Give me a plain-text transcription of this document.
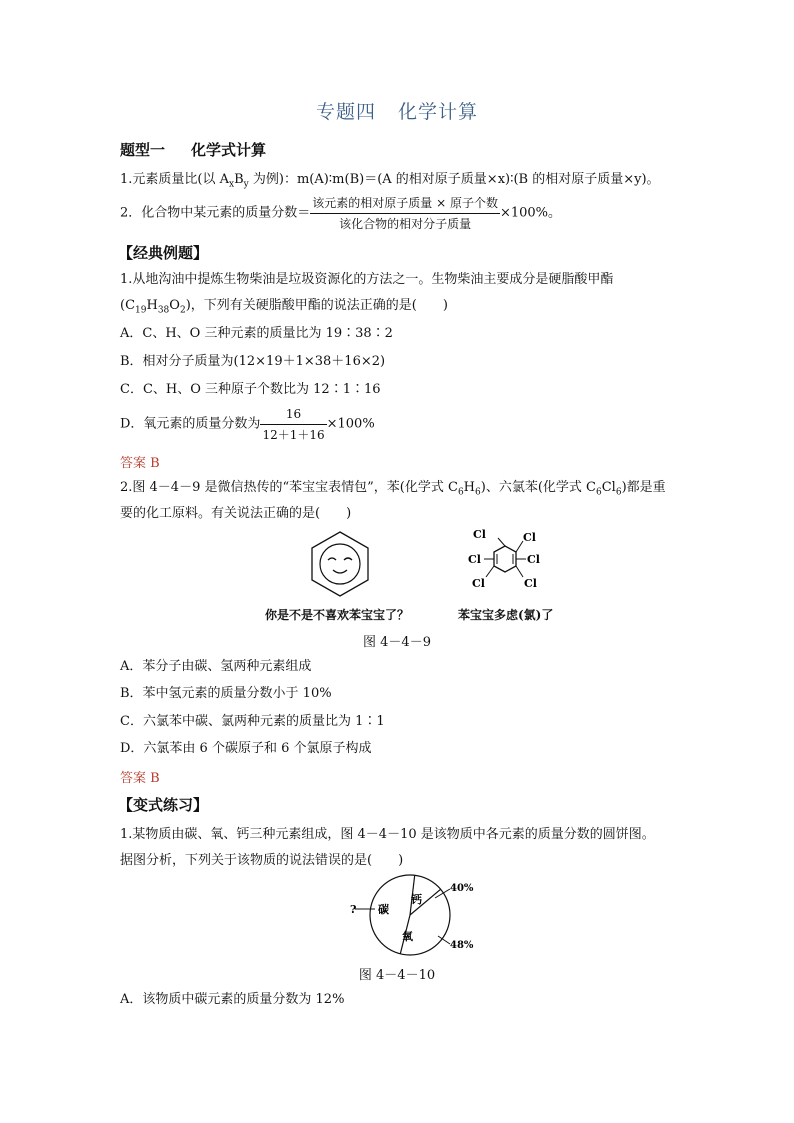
专题四 化学计算
题型一 化学式计算
1.元素质量比(以 $A_xB_y$ 为例)：m(A)∶m(B)＝(A 的相对原子质量×x)∶(B 的相对原子质量×y)。
2．化合物中某元素的质量分数＝ $\frac{\text{该元素的相对原子质量 × 原子个数}}{\text{该化合物的相对分子质量}} \times 100\%$。
【经典例题】
1.从地沟油中提炼生物柴油是垃圾资源化的方法之一。生物柴油主要成分是硬脂酸甲酯
$(C_{19}H_{38}O_2)$，下列有关硬脂酸甲酯的说法正确的是(　　)
A．C、H、O 三种元素的质量比为 19∶38∶2
B．相对分子质量为(12×19＋1×38＋16×2)
C．C、H、O 三种原子个数比为 12∶1∶16
D．氧元素的质量分数为 $\frac{16}{12+1+16} \times 100\%$
答案 B
2.图 4－4－9 是微信热传的“苯宝宝表情包”，苯(化学式 $C_6H_6$)、六氯苯(化学式 $C_6Cl_6$)都是重
要的化工原料。有关说法正确的是(　　)
Cl	Cl
Cl
Cl
Cl	Cl
你是不是不喜欢苯宝宝了？	苯宝宝多虑(氯)了
图 4－4－9
A．苯分子由碳、氢两种元素组成
B．苯中氢元素的质量分数小于 10%
C．六氯苯中碳、氯两种元素的质量比为 1∶1
D．六氯苯由 6 个碳原子和 6 个氯原子构成
答案 B
【变式练习】
1.某物质由碳、氧、钙三种元素组成，图 4－4－10 是该物质中各元素的质量分数的圆饼图。
据图分析，下列关于该物质的说法错误的是(　　)
钙
氧
碳
?
40%
48%
图 4－4－10
A．该物质中碳元素的质量分数为 12%
